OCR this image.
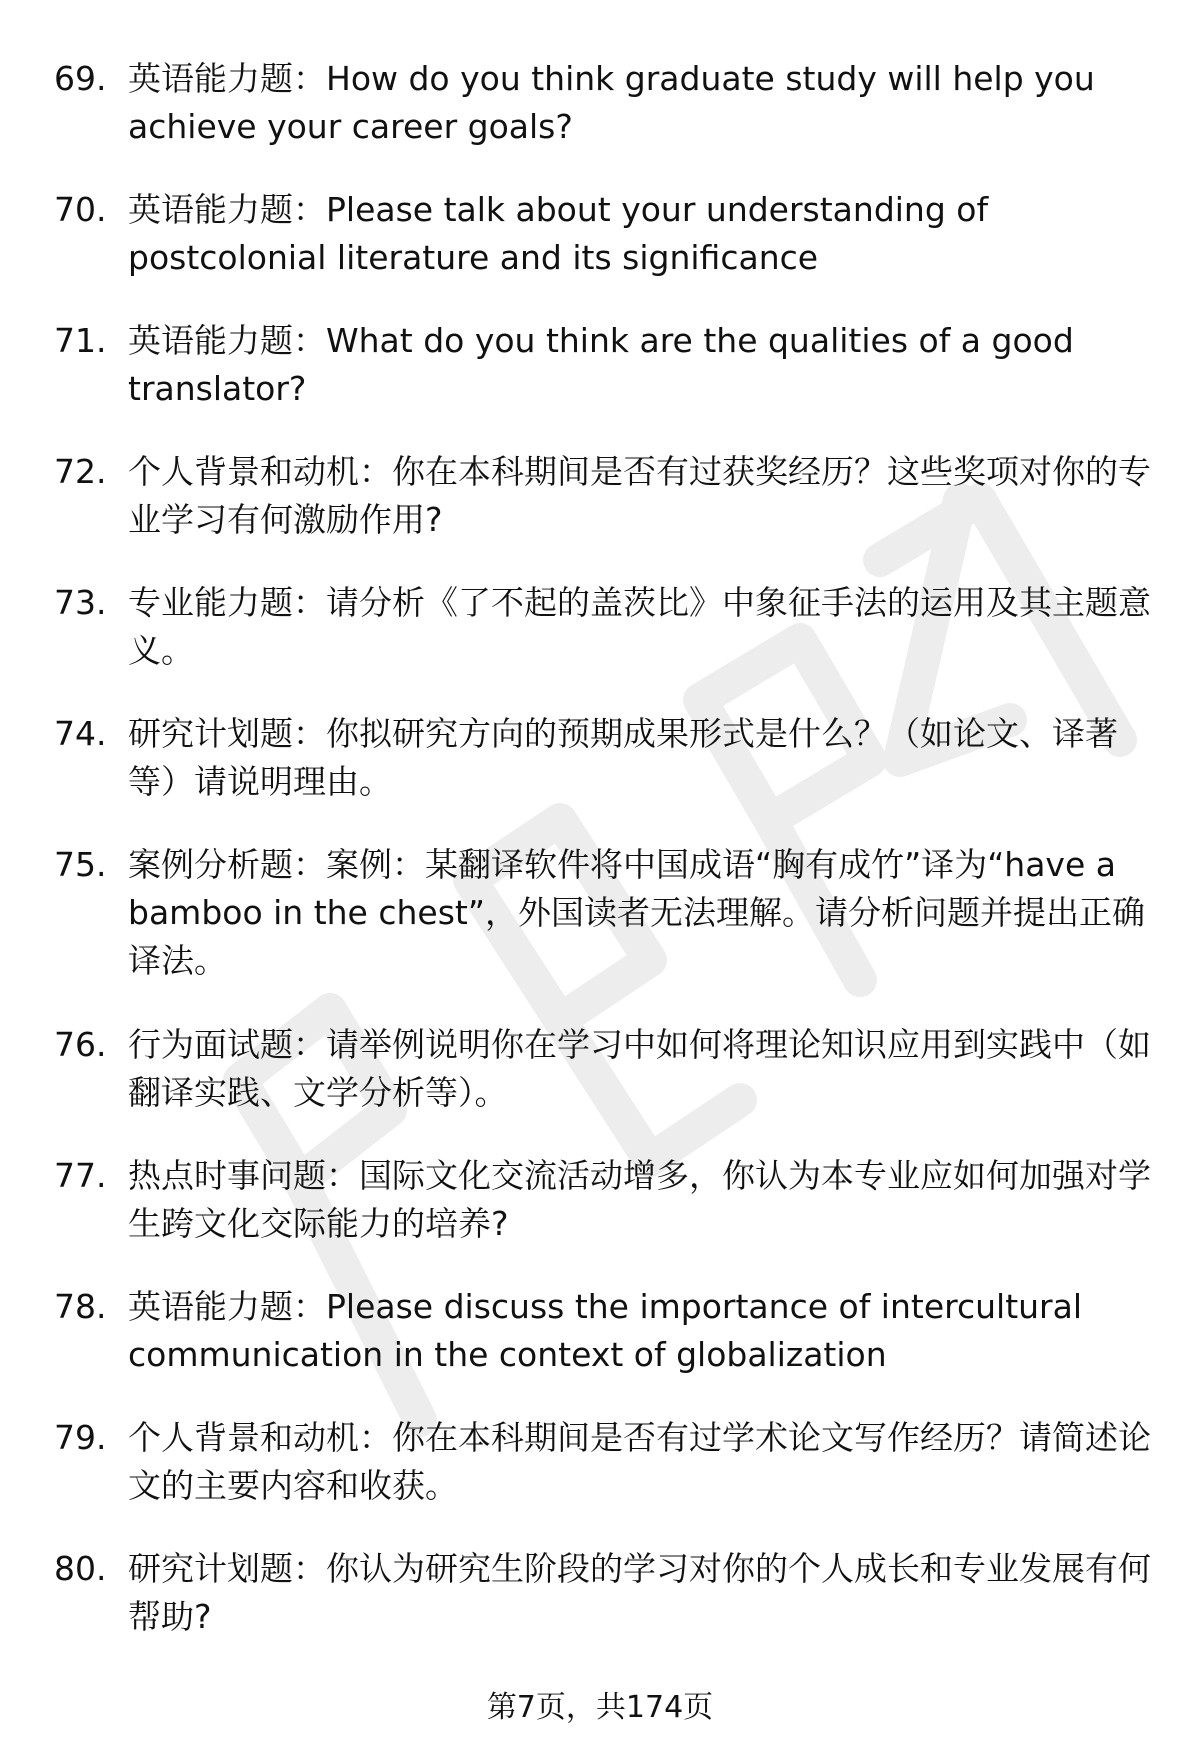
69. 英语能力题：How do you think graduate study will help you achieve your career goals?
70. 英语能力题：Please talk about your understanding of postcolonial literature and its significance
71. 英语能力题：What do you think are the qualities of a good translator?
72. 个人背景和动机：你在本科期间是否有过获奖经历？这些奖项对你的专业学习有何激励作用?
73. 专业能力题：请分析《了不起的盖茨比》中象征手法的运用及其主题意义。
74. 研究计划题：你拟研究方向的预期成果形式是什么？（如论文、译著等）请说明理由。
75. 案例分析题：案例：某翻译软件将中国成语“胸有成竹”译为“have a bamboo in the chest”，外国读者无法理解。请分析问题并提出正确译法。
76. 行为面试题：请举例说明你在学习中如何将理论知识应用到实践中（如翻译实践、文学分析等）。
77. 热点时事问题：国际文化交流活动增多，你认为本专业应如何加强对学生跨文化交际能力的培养?
78. 英语能力题：Please discuss the importance of intercultural communication in the context of globalization
79. 个人背景和动机：你在本科期间是否有过学术论文写作经历？请简述论文的主要内容和收获。
80. 研究计划题：你认为研究生阶段的学习对你的个人成长和专业发展有何帮助?
第7页，共174页
